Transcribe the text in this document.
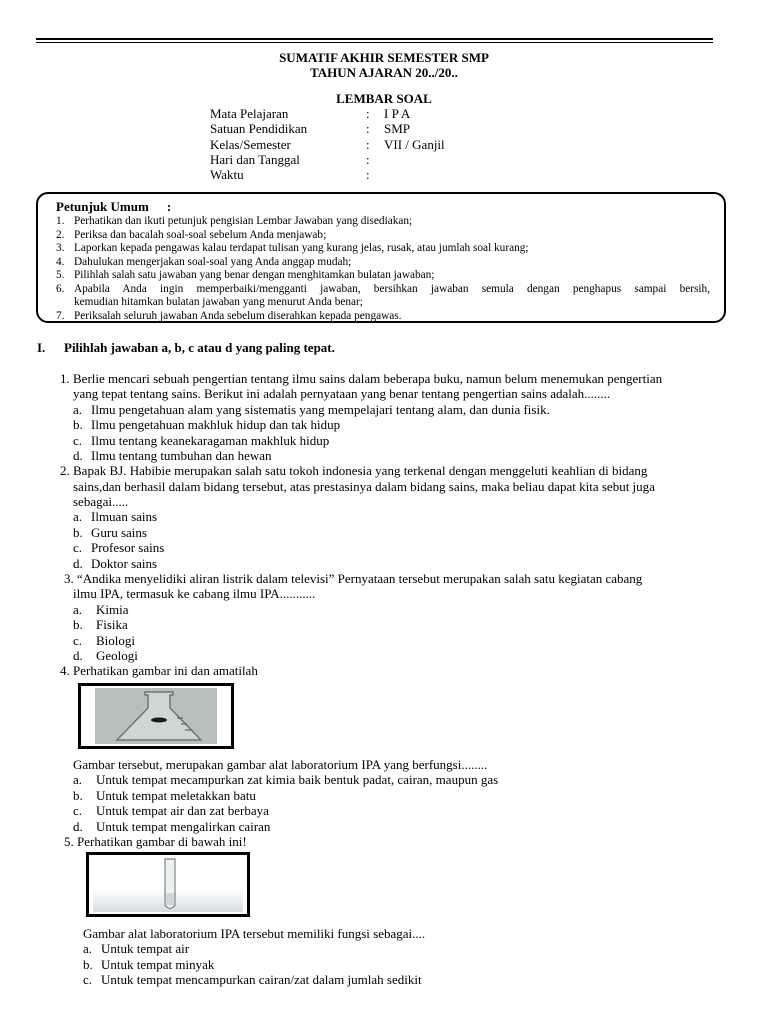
SUMATIF AKHIR SEMESTER SMP
TAHUN AJARAN 20../20..
LEMBAR SOAL
Mata Pelajaran	: I P A
Satuan Pendidikan	: SMP
Kelas/Semester	: VII / Ganjil
Hari dan Tanggal	:
Waktu	:
Petunjuk Umum :
1. Perhatikan dan ikuti petunjuk pengisian Lembar Jawaban yang disediakan;
2. Periksa dan bacalah soal-soal sebelum Anda menjawab;
3. Laporkan kepada pengawas kalau terdapat tulisan yang kurang jelas, rusak, atau jumlah soal kurang;
4. Dahulukan mengerjakan soal-soal yang Anda anggap mudah;
5. Pilihlah salah satu jawaban yang benar dengan menghitamkan bulatan jawaban;
6. Apabila Anda ingin memperbaiki/mengganti jawaban, bersihkan jawaban semula dengan penghapus sampai bersih,
kemudian hitamkan bulatan jawaban yang menurut Anda benar;
7. Periksalah seluruh jawaban Anda sebelum diserahkan kepada pengawas.
I. Pilihlah jawaban a, b, c atau d yang paling tepat.
1. Berlie mencari sebuah pengertian tentang ilmu sains dalam beberapa buku, namun belum menemukan pengertian
yang tepat tentang sains. Berikut ini adalah pernyataan yang benar tentang pengertian sains adalah........
a. Ilmu pengetahuan alam yang sistematis yang mempelajari tentang alam, dan dunia fisik.
b. Ilmu pengetahuan makhluk hidup dan tak hidup
c. Ilmu tentang keanekaragaman makhluk hidup
d. Ilmu tentang tumbuhan dan hewan
2. Bapak BJ. Habibie merupakan salah satu tokoh indonesia yang terkenal dengan menggeluti keahlian di bidang
sains,dan berhasil dalam bidang tersebut, atas prestasinya dalam bidang sains, maka beliau dapat kita sebut juga
sebagai.....
a. Ilmuan sains
b. Guru sains
c. Profesor sains
d. Doktor sains
3. “Andika menyelidiki aliran listrik dalam televisi” Pernyataan tersebut merupakan salah satu kegiatan cabang
ilmu IPA, termasuk ke cabang ilmu IPA...........
a. Kimia
b. Fisika
c. Biologi
d. Geologi
4. Perhatikan gambar ini dan amatilah
Gambar tersebut, merupakan gambar alat laboratorium IPA yang berfungsi........
a. Untuk tempat mecampurkan zat kimia baik bentuk padat, cairan, maupun gas
b. Untuk tempat meletakkan batu
c. Untuk tempat air dan zat berbaya
d. Untuk tempat mengalirkan cairan
5. Perhatikan gambar di bawah ini!
Gambar alat laboratorium IPA tersebut memiliki fungsi sebagai....
a. Untuk tempat air
b. Untuk tempat minyak
c. Untuk tempat mencampurkan cairan/zat dalam jumlah sedikit
